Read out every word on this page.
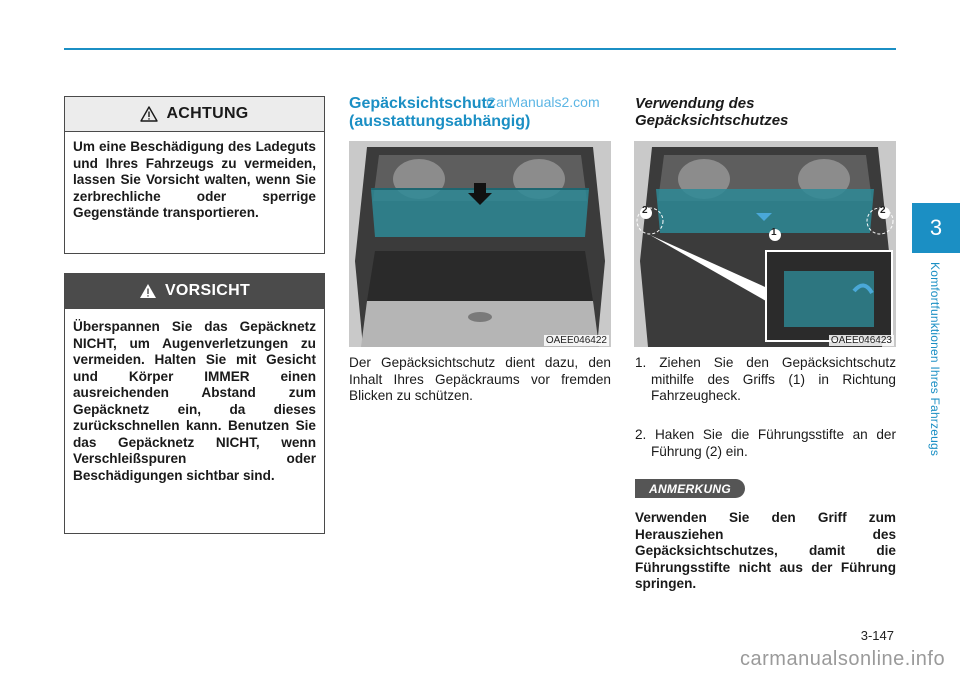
ACHTUNG
Um eine Beschädigung des Ladeguts und Ihres Fahrzeugs zu vermeiden, lassen Sie Vorsicht walten, wenn Sie zerbrechliche oder sperrige Gegenstände transportieren.
VORSICHT
Überspannen Sie das Gepäcknetz NICHT, um Augenverletzungen zu vermeiden. Halten Sie mit Gesicht und Körper IMMER einen ausreichenden Abstand zum Gepäcknetz ein, da dieses zurückschnellen kann. Benutzen Sie das Gepäcknetz NICHT, wenn Verschleißspuren oder Beschädigungen sichtbar sind.
Gepäcksichtschutz
(ausstattungsabhängig)
CarManuals2.com
OAEE046422
Der Gepäcksichtschutz dient dazu, den Inhalt Ihres Gepäckraums vor fremden Blicken zu schützen.
Verwendung des
Gepäcksichtschutzes
2	2
1
OAEE046423
1. Ziehen Sie den Gepäcksichtschutz mithilfe des Griffs (1) in Richtung Fahrzeugheck.
2. Haken Sie die Führungsstifte an der Führung (2) ein.
ANMERKUNG
Verwenden Sie den Griff zum Herausziehen des Gepäcksichtschutzes, damit die Führungsstifte nicht aus der Führung springen.
3
Komfortfunktionen Ihres Fahrzeugs
3-147
carmanualsonline.info
